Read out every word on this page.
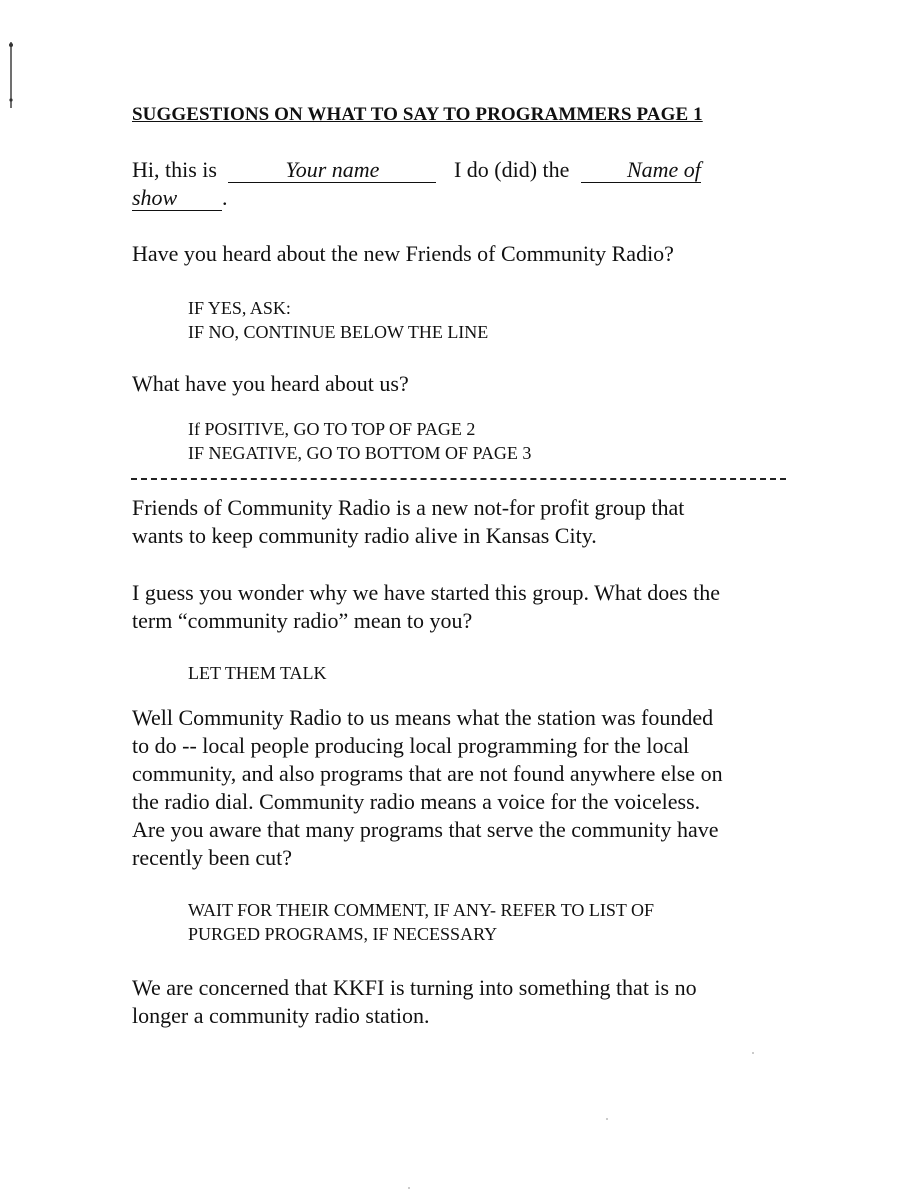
SUGGESTIONS ON WHAT TO SAY TO PROGRAMMERS PAGE 1
Hi, this is	Your name	I do (did) the	Name of
show .
Have you heard about the new Friends of Community Radio?
IF YES, ASK:
IF NO, CONTINUE BELOW THE LINE
What have you heard about us?
If POSITIVE, GO TO TOP OF PAGE 2
IF NEGATIVE, GO TO BOTTOM OF PAGE 3
Friends of Community Radio is a new not-for profit group that
wants to keep community radio alive in Kansas City.
I guess you wonder why we have started this group. What does the
term “community radio” mean to you?
LET THEM TALK
Well Community Radio to us means what the station was founded
to do -- local people producing local programming for the local
community, and also programs that are not found anywhere else on
the radio dial. Community radio means a voice for the voiceless.
Are you aware that many programs that serve the community have
recently been cut?
WAIT FOR THEIR COMMENT, IF ANY- REFER TO LIST OF
PURGED PROGRAMS, IF NECESSARY
We are concerned that KKFI is turning into something that is no
longer a community radio station.
